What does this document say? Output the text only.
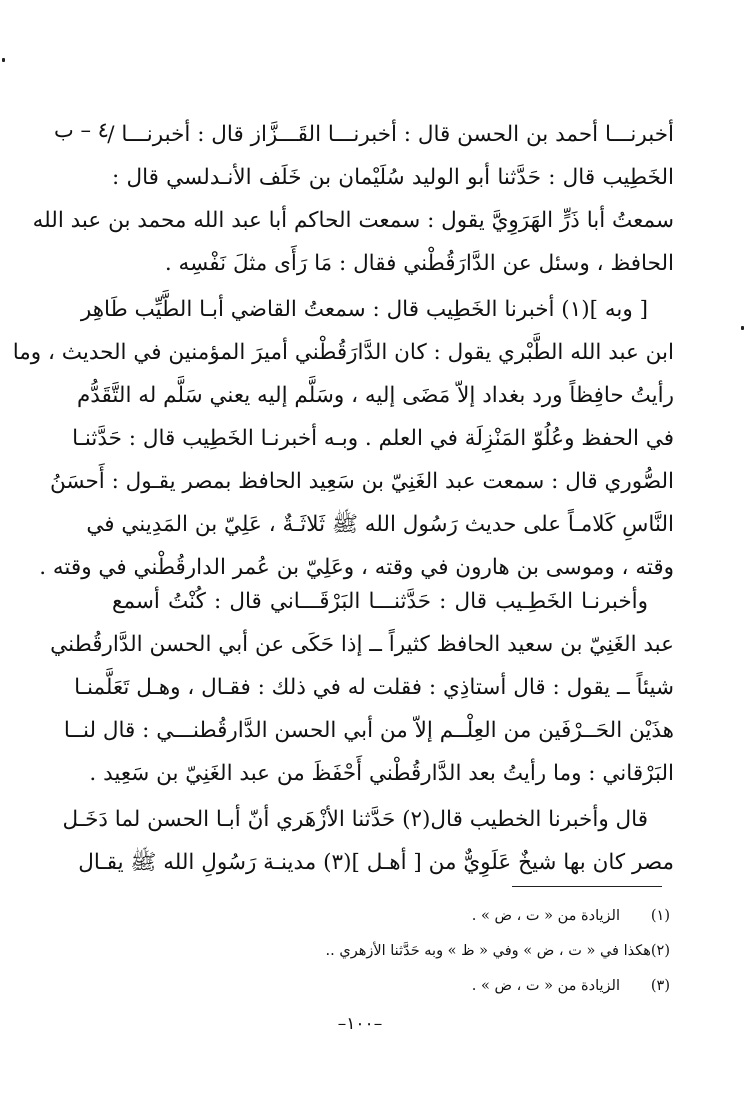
٤ – ب
أخبرنـــا أحمد بن الحسن قال : أخبرنـــا القَـــزَّاز قال : أخبرنـــا /
الخَطِيب قال : حَدَّثنا أبو الوليد سُلَيْمان بن خَلَف الأنـدلسي قال :
سمعتُ أبا ذَرٍّ الهَرَوِيَّ يقول : سمعت الحاكم أبا عبد الله محمد بن عبد الله
الحافظ ، وسئل عن الدَّارَقُطْني فقال : مَا رَأَى مثلَ نَفْسِه .
[ وبه ](١) أخبرنا الخَطِيب قال : سمعتُ القاضي أبـا الطَّيِّب طَاهِر
ابن عبد الله الطَّبْري يقول : كان الدَّارَقُطْني أميرَ المؤمنين في الحديث ، وما
رأيتُ حافِظاً ورد بغداد إلاّ مَضَى إليه ، وسَلَّم إليه يعني سَلَّم له التَّقَدُّم
في الحفظ وعُلُوّ المَنْزِلَة في العلم . وبـه أخبرنـا الخَطِيب قال : حَدَّثنـا
الصُّوري قال : سمعت عبد الغَنِيّ بن سَعِيد الحافظ بمصر يقـول : أَحسَنُ
النَّاسِ كَلامـاً على حديث رَسُول الله ﷺ ثَلاثَـةٌ ، عَلِيّ بن المَدِيني في
وقته ، وموسى بن هارون في وقته ، وعَلِيّ بن عُمر الدارقُطْني في وقته .
وأخبرنـا الخَطِـيب قال : حَدَّثنـــا البَرْقَـــاني قال : كُنْتُ أسمع
عبد الغَنِيّ بن سعيد الحافظ كثيراً ــ إذا حَكَى عن أبي الحسن الدَّارقُطني
شيئاً ــ يقول : قال أستاذِي : فقلت له في ذلك : فقـال ، وهـل تَعَلَّمنـا
هذَيْن الحَــرْفَين من العِلْــم إلاّ من أبي الحسن الدَّارقُطنـــي : قال لنــا
البَرْقاني : وما رأيتُ بعد الدَّارقُطْني أَحْفَظَ من عبد الغَنِيّ بن سَعِيد .
قال وأخبرنا الخطيب قال(٢) حَدَّثنا الأزْهَري أنّ أبـا الحسن لما دَخَـل
مصر كان بها شيخٌ عَلَوِيٌّ من [ أهـل ](٣) مدينـة رَسُولِ الله ﷺ يقـال
(١)
الزيادة من « ت ، ض » .
(٢)
هكذا في « ت ، ض » وفي « ظ » وبه حَدَّثنا الأزهري ..
(٣)
الزيادة من « ت ، ض » .
–١٠٠–
